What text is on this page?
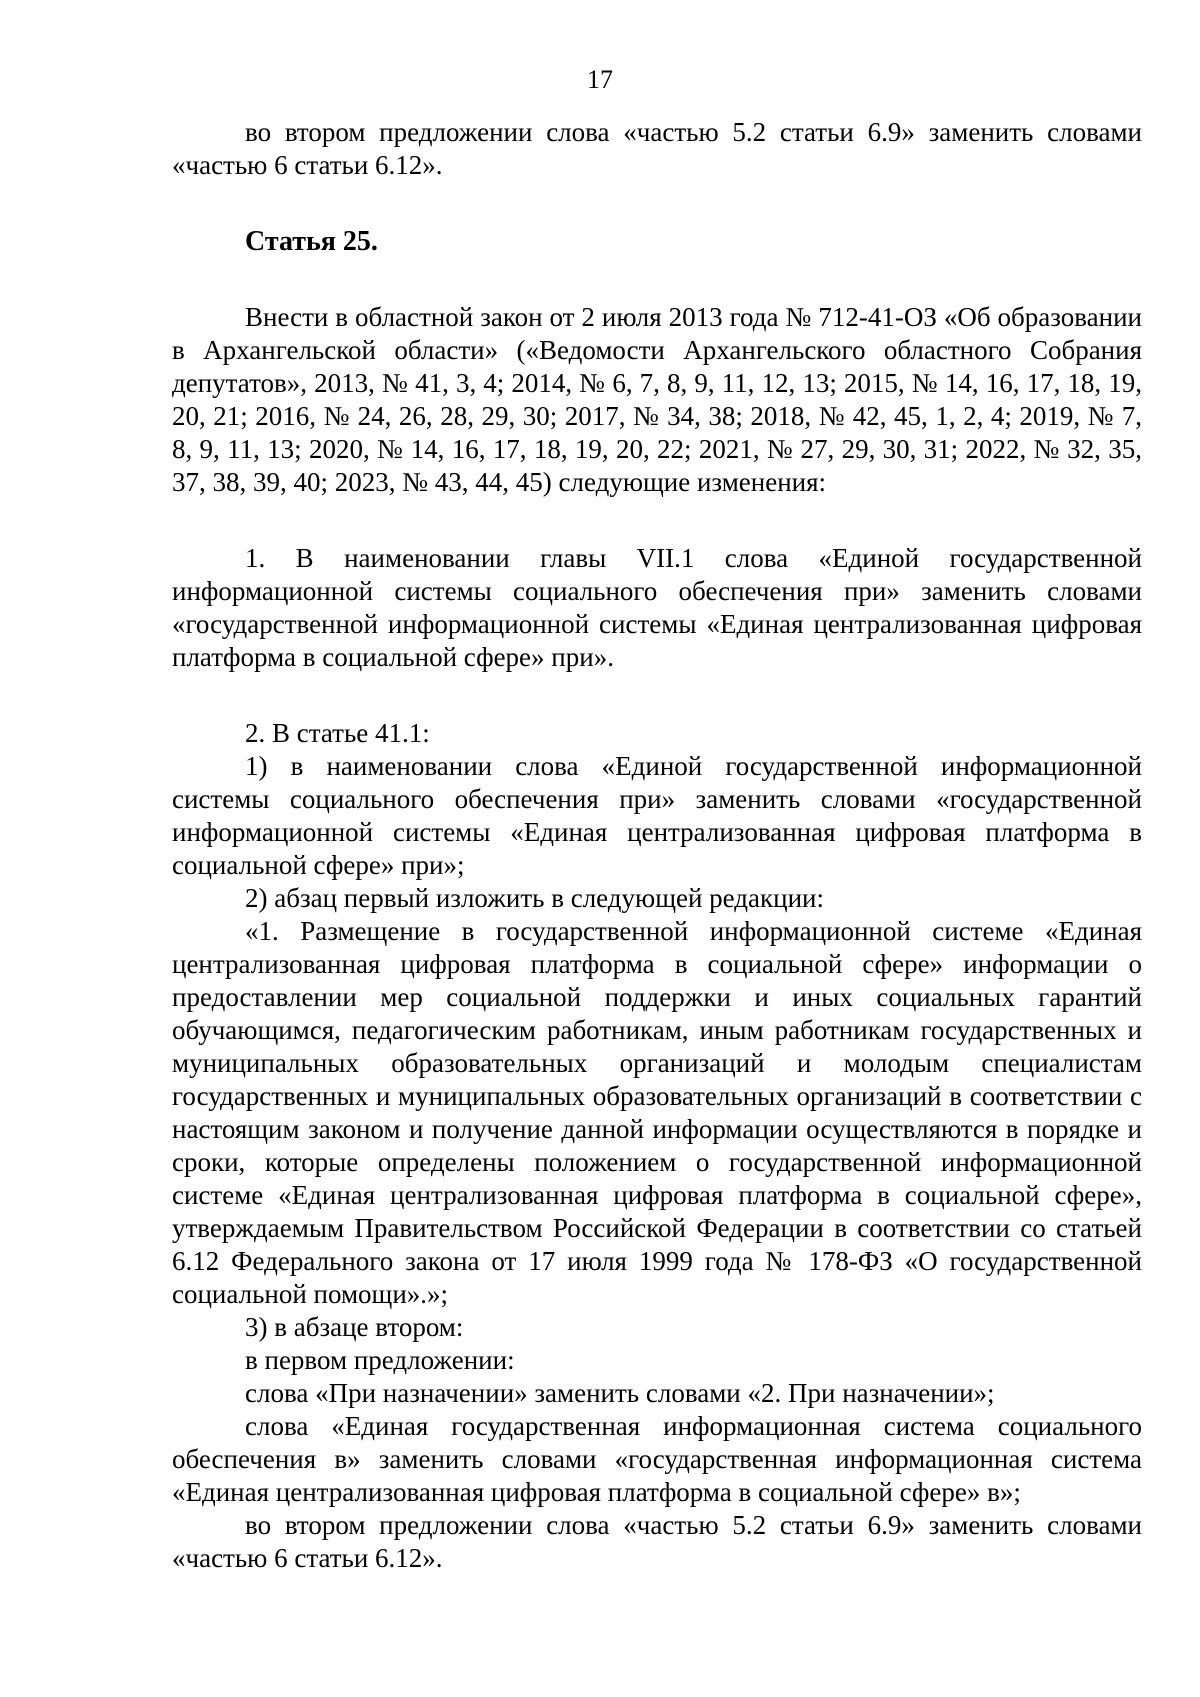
17

во втором предложении слова «частью 5.2 статьи 6.9» заменить словами «частью 6 статьи 6.12».

Статья 25.

Внести в областной закон от 2 июля 2013 года № 712-41-ОЗ «Об образовании в Архангельской области» («Ведомости Архангельского областного Собрания депутатов», 2013, № 41, 3, 4; 2014, № 6, 7, 8, 9, 11, 12, 13; 2015, № 14, 16, 17, 18, 19, 20, 21; 2016, № 24, 26, 28, 29, 30; 2017, № 34, 38; 2018, № 42, 45, 1, 2, 4; 2019, № 7, 8, 9, 11, 13; 2020, № 14, 16, 17, 18, 19, 20, 22; 2021, № 27, 29, 30, 31; 2022, № 32, 35, 37, 38, 39, 40; 2023, № 43, 44, 45) следующие изменения:

1. В наименовании главы VII.1 слова «Единой государственной информационной системы социального обеспечения при» заменить словами «государственной информационной системы «Единая централизованная цифровая платформа в социальной сфере» при».

2. В статье 41.1:

1) в наименовании слова «Единой государственной информационной системы социального обеспечения при» заменить словами «государственной информационной системы «Единая централизованная цифровая платформа в социальной сфере» при»;

2) абзац первый изложить в следующей редакции:

«1. Размещение в государственной информационной системе «Единая централизованная цифровая платформа в социальной сфере» информации о предоставлении мер социальной поддержки и иных социальных гарантий обучающимся, педагогическим работникам, иным работникам государственных и муниципальных образовательных организаций и молодым специалистам государственных и муниципальных образовательных организаций в соответствии с настоящим законом и получение данной информации осуществляются в порядке и сроки, которые определены положением о государственной информационной системе «Единая централизованная цифровая платформа в социальной сфере», утверждаемым Правительством Российской Федерации в соответствии со статьей 6.12 Федерального закона от 17 июля 1999 года № 178-ФЗ «О государственной социальной помощи».»;

3) в абзаце втором:

в первом предложении:

слова «При назначении» заменить словами «2. При назначении»;

слова «Единая государственная информационная система социального обеспечения в» заменить словами «государственная информационная система «Единая централизованная цифровая платформа в социальной сфере» в»;

во втором предложении слова «частью 5.2 статьи 6.9» заменить словами «частью 6 статьи 6.12».
